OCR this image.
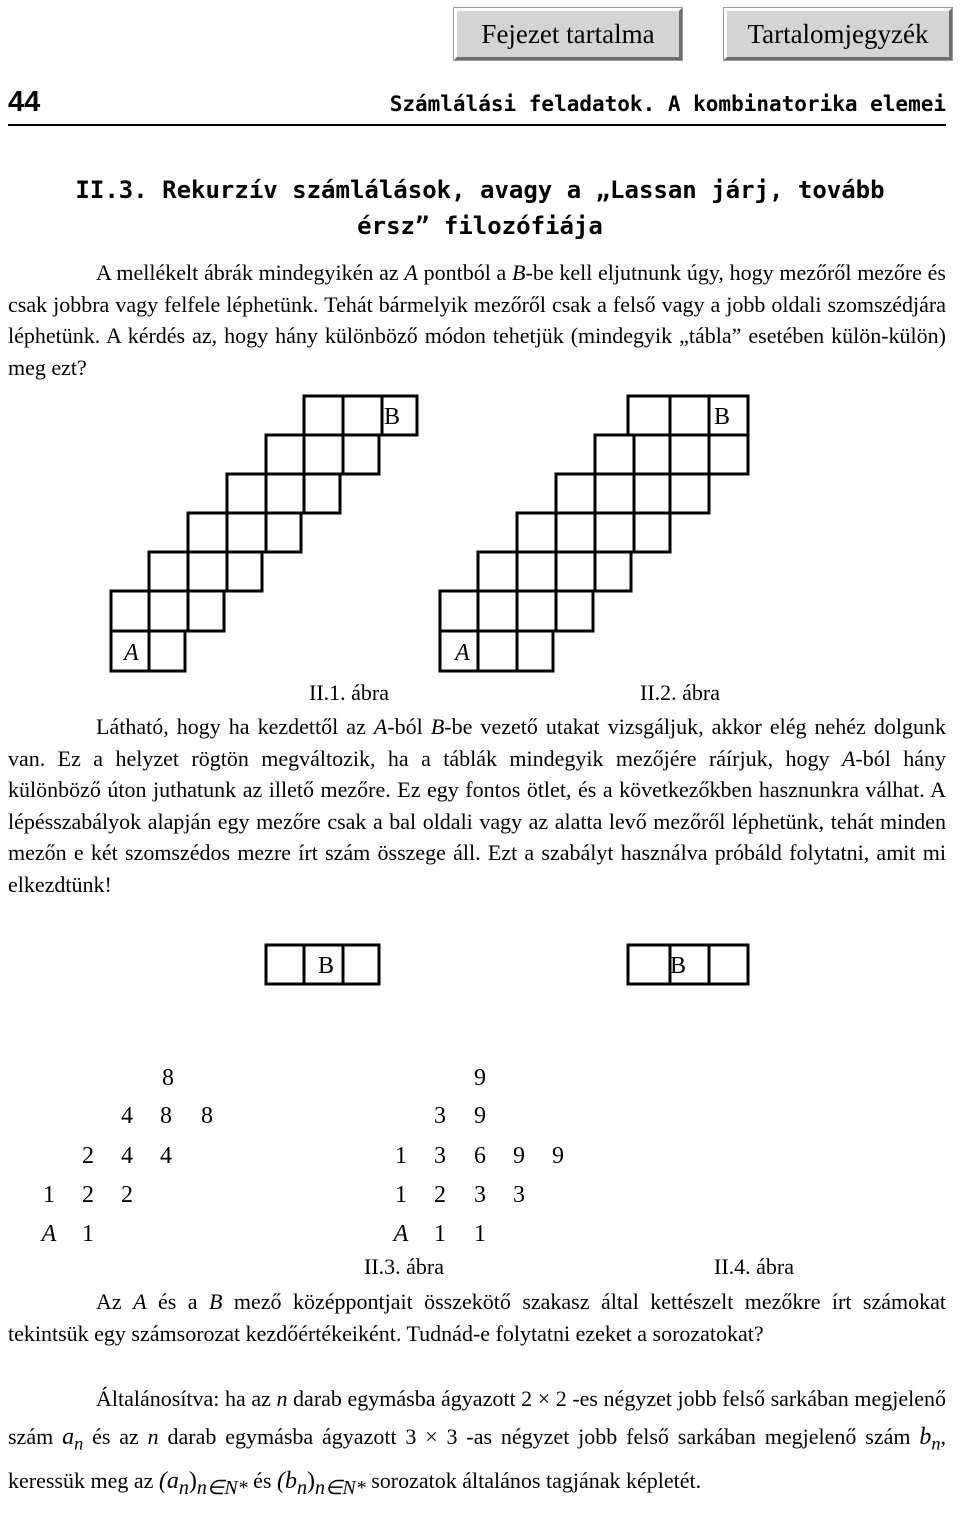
Fejezet tartalma	Tartalomjegyzék
44	Számlálási feladatok. A kombinatorika elemei
II.3. Rekurzív számlálások, avagy a „Lassan járj, tovább érsz” filozófiája
A mellékelt ábrák mindegyikén az A pontból a B-be kell eljutnunk úgy, hogy mezőről mezőre és csak jobbra vagy felfele léphetünk. Tehát bármelyik mezőről csak a felső vagy a jobb oldali szomszédjára léphetünk. A kérdés az, hogy hány különböző módon tehetjük (mindegyik „tábla” esetében külön-külön) meg ezt?
A
B
A
B
II.1. ábra	II.2. ábra
Látható, hogy ha kezdettől az A-ból B-be vezető utakat vizsgáljuk, akkor elég nehéz dolgunk van. Ez a helyzet rögtön megváltozik, ha a táblák mindegyik mezőjére ráírjuk, hogy A-ból hány különböző úton juthatunk az illető mezőre. Ez egy fontos ötlet, és a következőkben hasznunkra válhat. A lépésszabályok alapján egy mezőre csak a bal oldali vagy az alatta levő mezőről léphetünk, tehát minden mezőn e két szomszédos mezre írt szám összege áll. Ezt a szabályt használva próbáld folytatni, amit mi elkezdtünk!
B
A 1
1 2 2
2 4 4
4 8 8
8
B
A 1 1
1 2 3 3
1 3 6 9 9
3 9
9
II.3. ábra	II.4. ábra
Az A és a B mező középpontjait összekötő szakasz által kettészelt mezőkre írt számokat tekintsük egy számsorozat kezdőértékeiként. Tudnád-e folytatni ezeket a sorozatokat?
Általánosítva: ha az n darab egymásba ágyazott 2 × 2 -es négyzet jobb felső sarkában megjelenő szám $a_n$ és az n darab egymásba ágyazott 3 × 3 -as négyzet jobb felső sarkában megjelenő szám $b_n$, keressük meg az $(a_n)_{n\in N*}$ és $(b_n)_{n\in N*}$ sorozatok általános tagjának képletét.
